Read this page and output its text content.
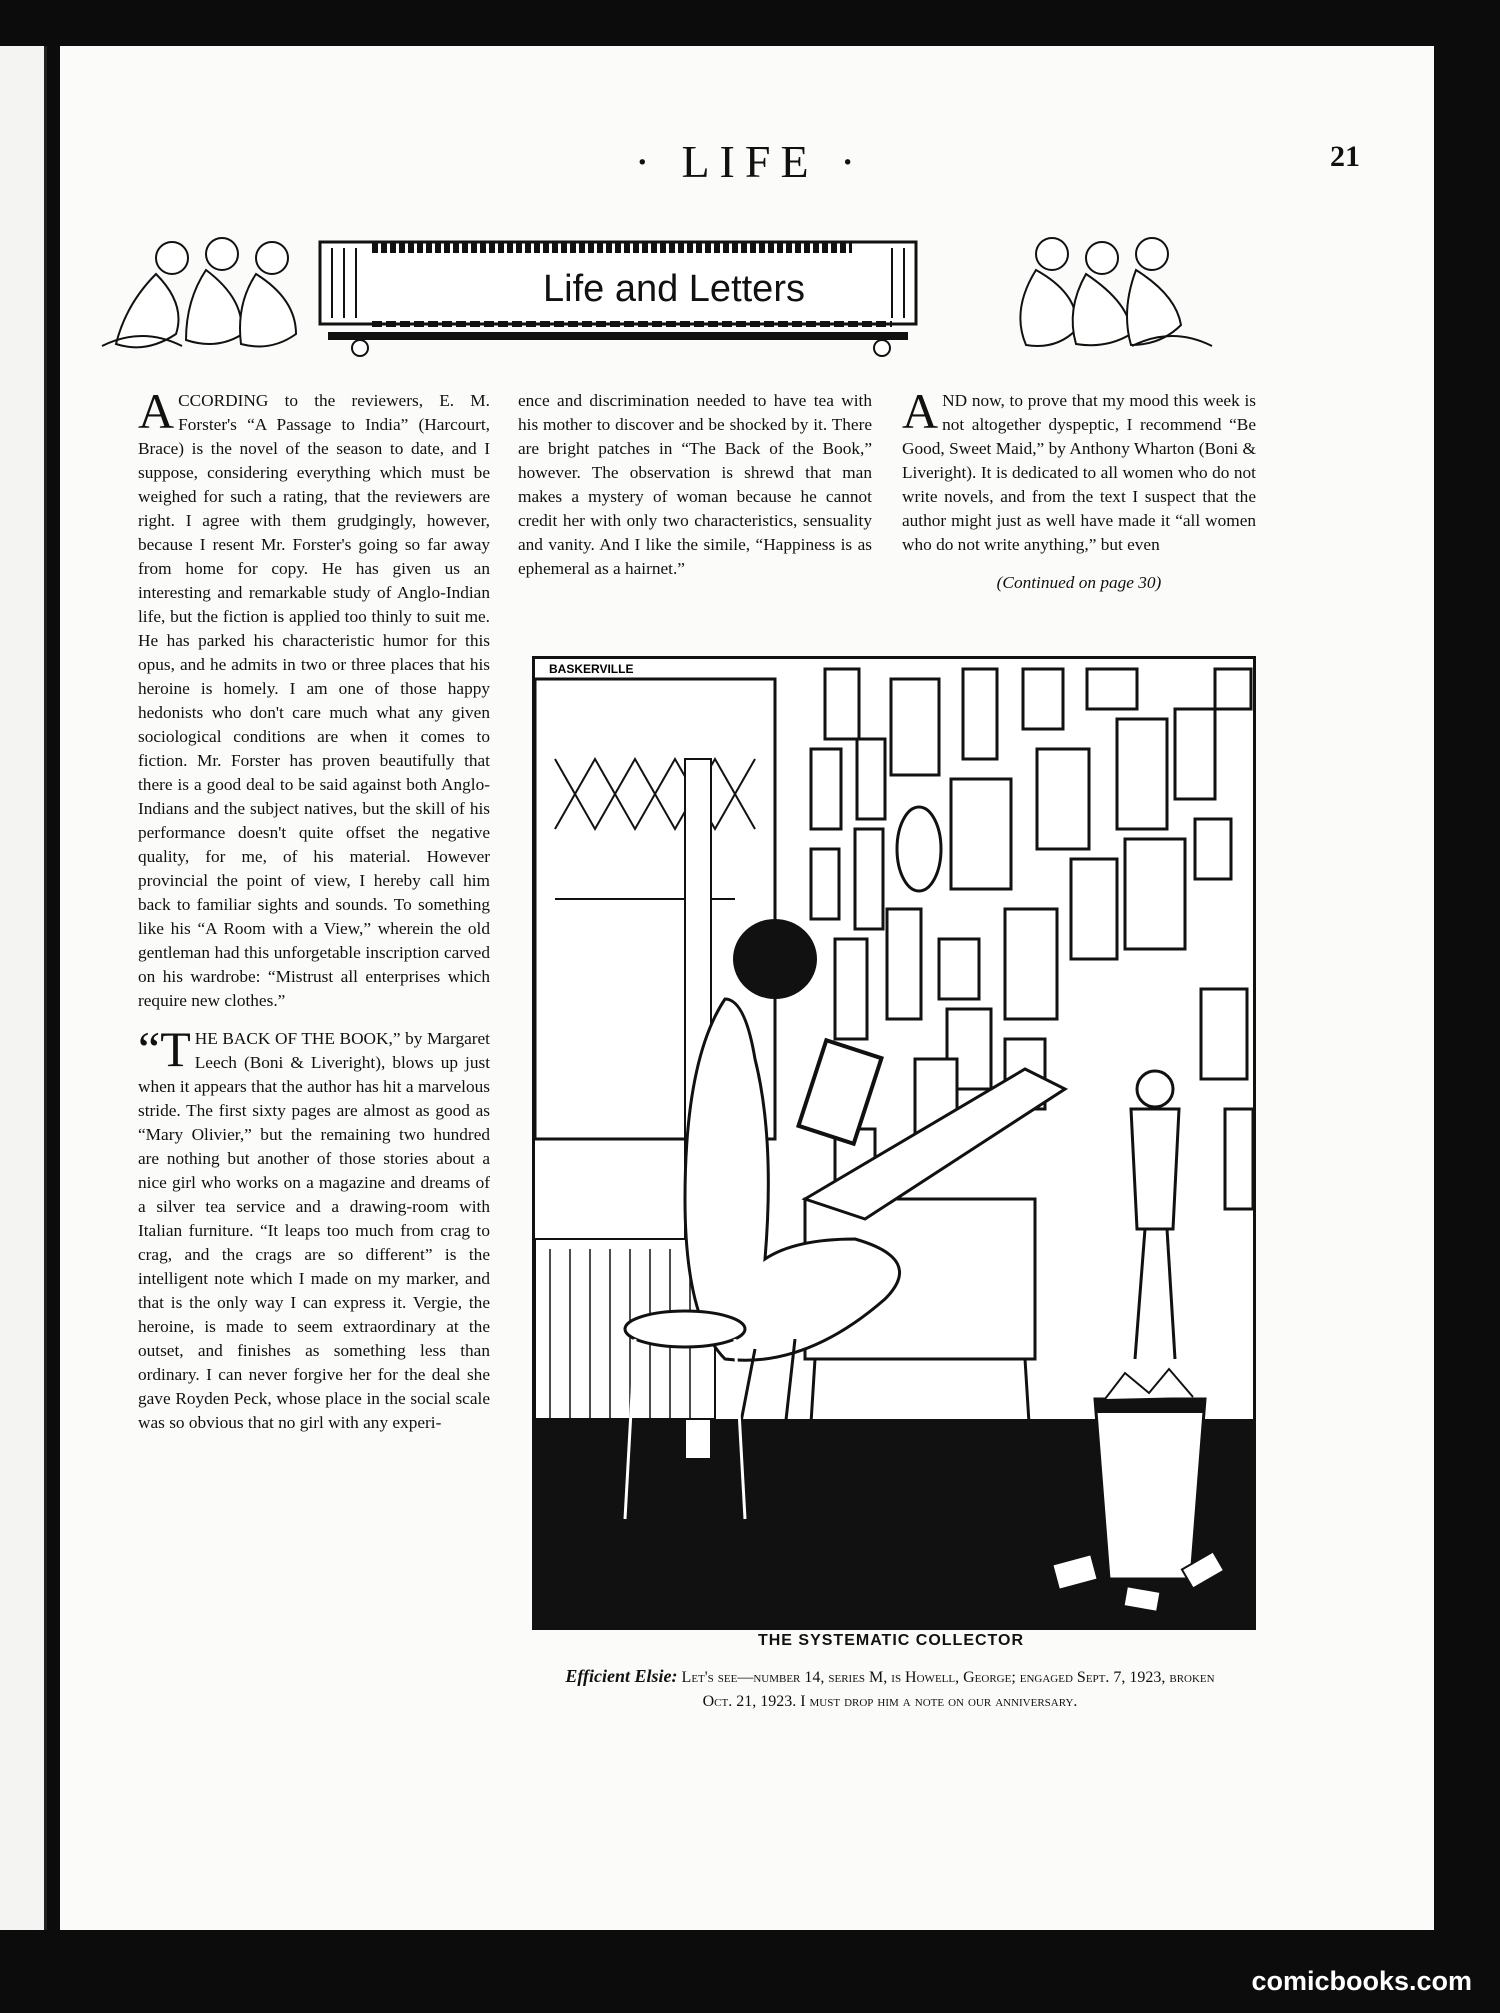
· LIFE ·	21
Life and Letters

ACCORDING to the reviewers, E. M. Forster's “A Passage to India” (Harcourt, Brace) is the novel of the season to date, and I suppose, considering everything which must be weighed for such a rating, that the reviewers are right. I agree with them grudgingly, however, because I resent Mr. Forster's going so far away from home for copy. He has given us an interesting and remarkable study of Anglo-Indian life, but the fiction is applied too thinly to suit me. He has parked his characteristic humor for this opus, and he admits in two or three places that his heroine is homely. I am one of those happy hedonists who don't care much what any given sociological conditions are when it comes to fiction. Mr. Forster has proven beautifully that there is a good deal to be said against both Anglo-Indians and the subject natives, but the skill of his performance doesn't quite offset the negative quality, for me, of his material. However provincial the point of view, I hereby call him back to familiar sights and sounds. To something like his “A Room with a View,” wherein the old gentleman had this unforgetable inscription carved on his wardrobe: “Mistrust all enterprises which require new clothes.”

“THE BACK OF THE BOOK,” by Margaret Leech (Boni & Liveright), blows up just when it appears that the author has hit a marvelous stride. The first sixty pages are almost as good as “Mary Olivier,” but the remaining two hundred are nothing but another of those stories about a nice girl who works on a magazine and dreams of a silver tea service and a drawing-room with Italian furniture. “It leaps too much from crag to crag, and the crags are so different” is the intelligent note which I made on my marker, and that is the only way I can express it. Vergie, the heroine, is made to seem extraordinary at the outset, and finishes as something less than ordinary. I can never forgive her for the deal she gave Royden Peck, whose place in the social scale was so obvious that no girl with any experi-

ence and discrimination needed to have tea with his mother to discover and be shocked by it. There are bright patches in “The Back of the Book,” however. The observation is shrewd that man makes a mystery of woman because he cannot credit her with only two characteristics, sensuality and vanity. And I like the simile, “Happiness is as ephemeral as a hairnet.”

AND now, to prove that my mood this week is not altogether dyspeptic, I recommend “Be Good, Sweet Maid,” by Anthony Wharton (Boni & Liveright). It is dedicated to all women who do not write novels, and from the text I suspect that the author might just as well have made it “all women who do not write anything,” but even

(Continued on page 30)
BASKERVILLE
THE SYSTEMATIC COLLECTOR
Efficient Elsie: Let's see—number 14, series M, is Howell, George; engaged Sept. 7, 1923, broken Oct. 21, 1923. I must drop him a note on our anniversary.
comicbooks.com
